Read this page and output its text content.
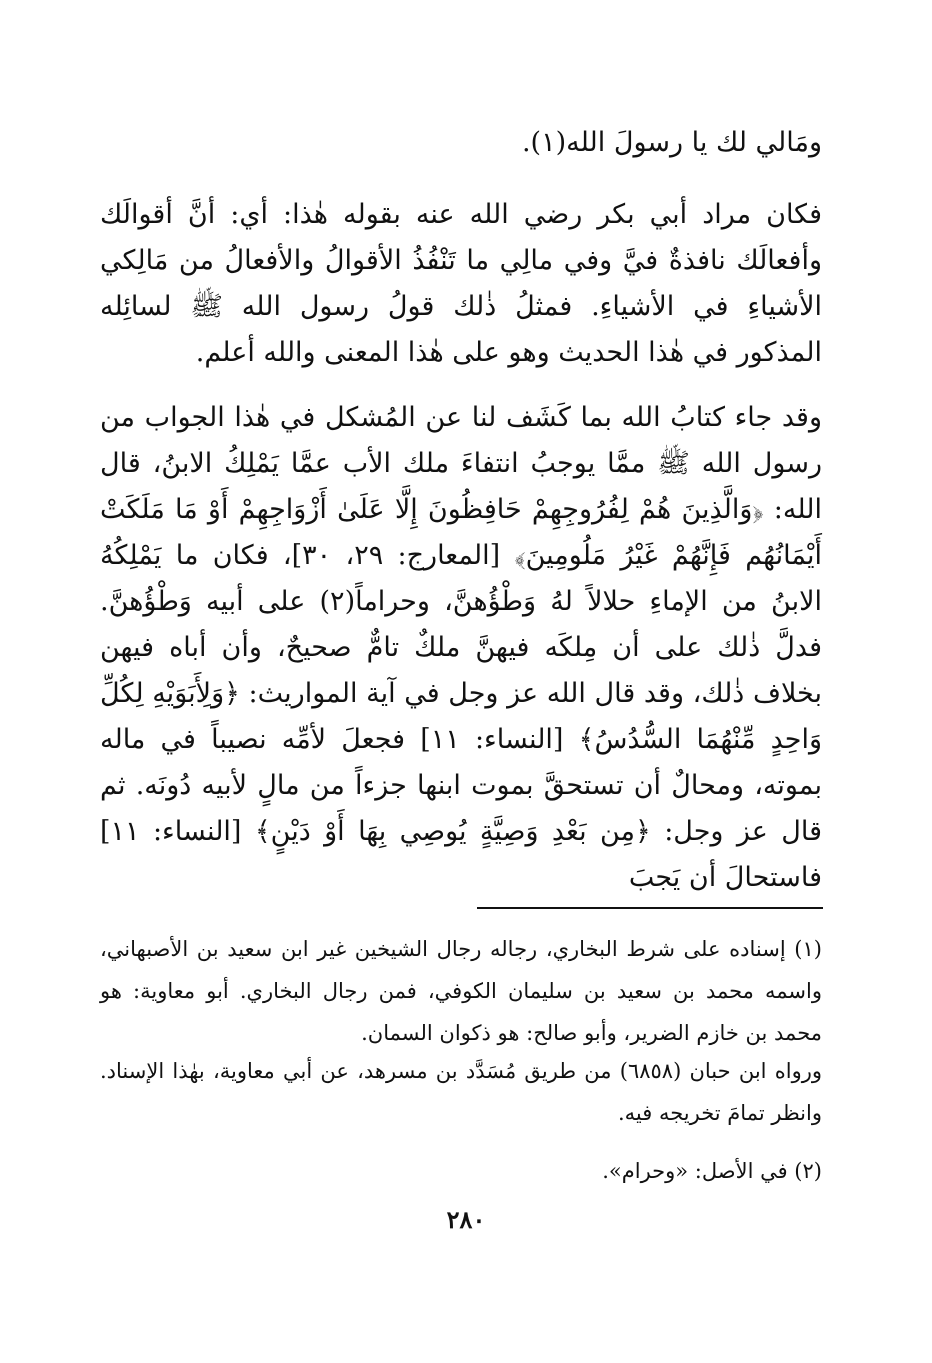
ومَالي لك يا رسولَ الله(١).

فكان مراد أبي بكر رضي الله عنه بقوله هٰذا: أي: أنَّ أقوالَك وأفعالَك نافذةٌ فيَّ وفي مالِي ما تَنْفُذُ الأقوالُ والأفعالُ من مَالِكي الأشياءِ في الأشياءِ. فمثلُ ذٰلك قولُ رسول الله ﷺ لسائِله المذكور في هٰذا الحديث وهو على هٰذا المعنى والله أعلم.

وقد جاء كتابُ الله بما كَشَف لنا عن المُشكل في هٰذا الجواب من رسول الله ﷺ ممَّا يوجبُ انتفاءَ ملك الأب عمَّا يَمْلِكُ الابنُ، قال الله: ﴿وَالَّذِينَ هُمْ لِفُرُوجِهِمْ حَافِظُونَ إِلَّا عَلَىٰ أَزْوَاجِهِمْ أَوْ مَا مَلَكَتْ أَيْمَانُهُم فَإِنَّهُمْ غَيْرُ مَلُومِينَ﴾ [المعارج: ٢٩، ٣٠]، فكان ما يَمْلِكُهُ الابنُ من الإماءِ حلالاً لهُ وَطْؤُهنَّ، وحراماً(٢) على أبيه وَطْؤُهنَّ. فدلَّ ذٰلك على أن مِلكَه فيهنَّ ملكٌ تامٌّ صحيحٌ، وأن أباه فيهن بخلاف ذٰلك، وقد قال الله عز وجل في آية المواريث: ﴿وَلِأَبَوَيْهِ لِكُلِّ وَاحِدٍ مِّنْهُمَا السُّدُسُ﴾ [النساء: ١١] فجعلَ لأمِّه نصيباً في ماله بموته، ومحالٌ أن تستحقَّ بموت ابنها جزءاً من مالٍ لأبيه دُونَه. ثم قال عز وجل: ﴿مِن بَعْدِ وَصِيَّةٍ يُوصِي بِهَا أَوْ دَيْنٍ﴾ [النساء: ١١] فاستحالَ أن يَجبَ

(١) إسناده على شرط البخاري، رجاله رجال الشيخين غير ابن سعيد بن الأصبهاني، واسمه محمد بن سعيد بن سليمان الكوفي، فمن رجال البخاري. أبو معاوية: هو محمد بن خازم الضرير، وأبو صالح: هو ذكوان السمان.

ورواه ابن حبان (٦٨٥٨) من طريق مُسَدَّد بن مسرهد، عن أبي معاوية، بهٰذا الإسناد. وانظر تمامَ تخريجه فيه.

(٢) في الأصل: «وحرام».

٢٨٠
